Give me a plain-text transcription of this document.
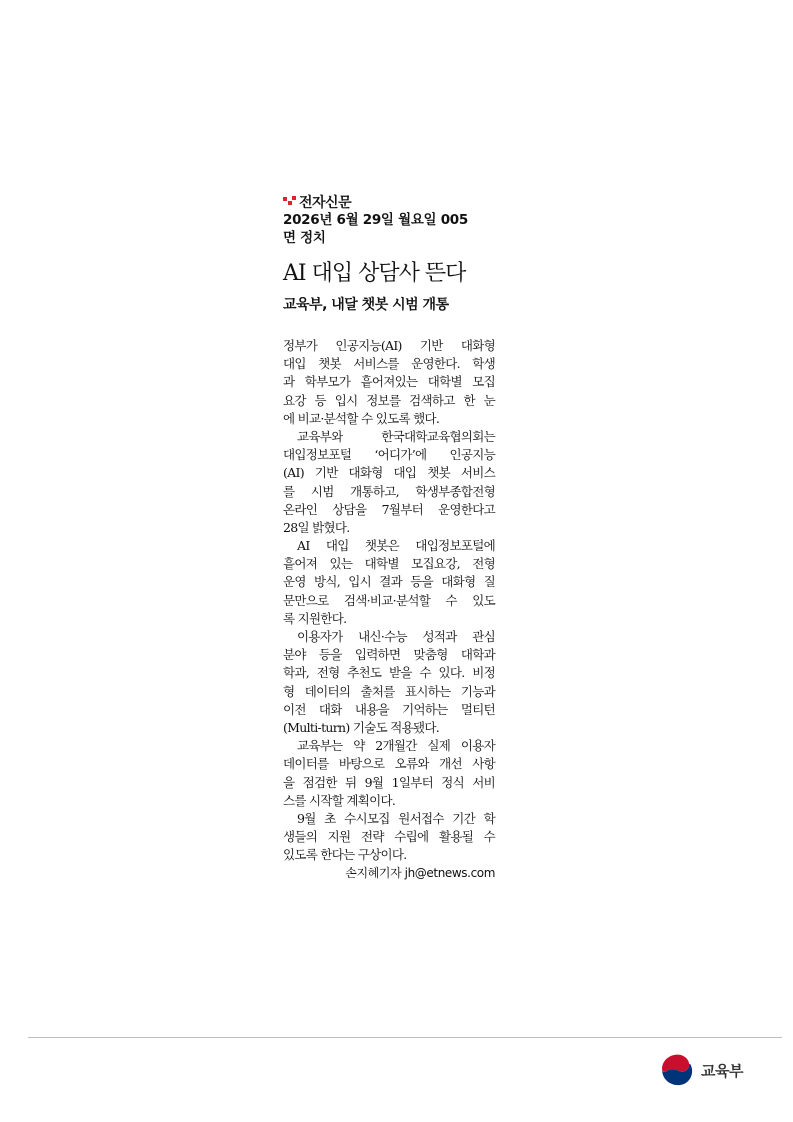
전자신문
2026년 6월 29일 월요일 005
면 정치
AI 대입 상담사 뜬다
교육부, 내달 챗봇 시범 개통
정부가 인공지능(AI) 기반 대화형
대입 챗봇 서비스를 운영한다. 학생
과 학부모가 흩어져있는 대학별 모집
요강 등 입시 정보를 검색하고 한 눈
에 비교·분석할 수 있도록 했다.
교육부와 한국대학교육협의회는
대입정보포털 ‘어디가’에 인공지능
(AI) 기반 대화형 대입 챗봇 서비스
를 시범 개통하고, 학생부종합전형
온라인 상담을 7월부터 운영한다고
28일 밝혔다.
AI 대입 챗봇은 대입정보포털에
흩어져 있는 대학별 모집요강, 전형
운영 방식, 입시 결과 등을 대화형 질
문만으로 검색·비교·분석할 수 있도
록 지원한다.
이용자가 내신·수능 성적과 관심
분야 등을 입력하면 맞춤형 대학과
학과, 전형 추천도 받을 수 있다. 비정
형 데이터의 출처를 표시하는 기능과
이전 대화 내용을 기억하는 멀티턴
(Multi-turn) 기술도 적용됐다.
교육부는 약 2개월간 실제 이용자
데이터를 바탕으로 오류와 개선 사항
을 점검한 뒤 9월 1일부터 정식 서비
스를 시작할 계획이다.
9월 초 수시모집 원서접수 기간 학
생들의 지원 전략 수립에 활용될 수
있도록 한다는 구상이다.
손지혜기자 jh@etnews.com
교육부
